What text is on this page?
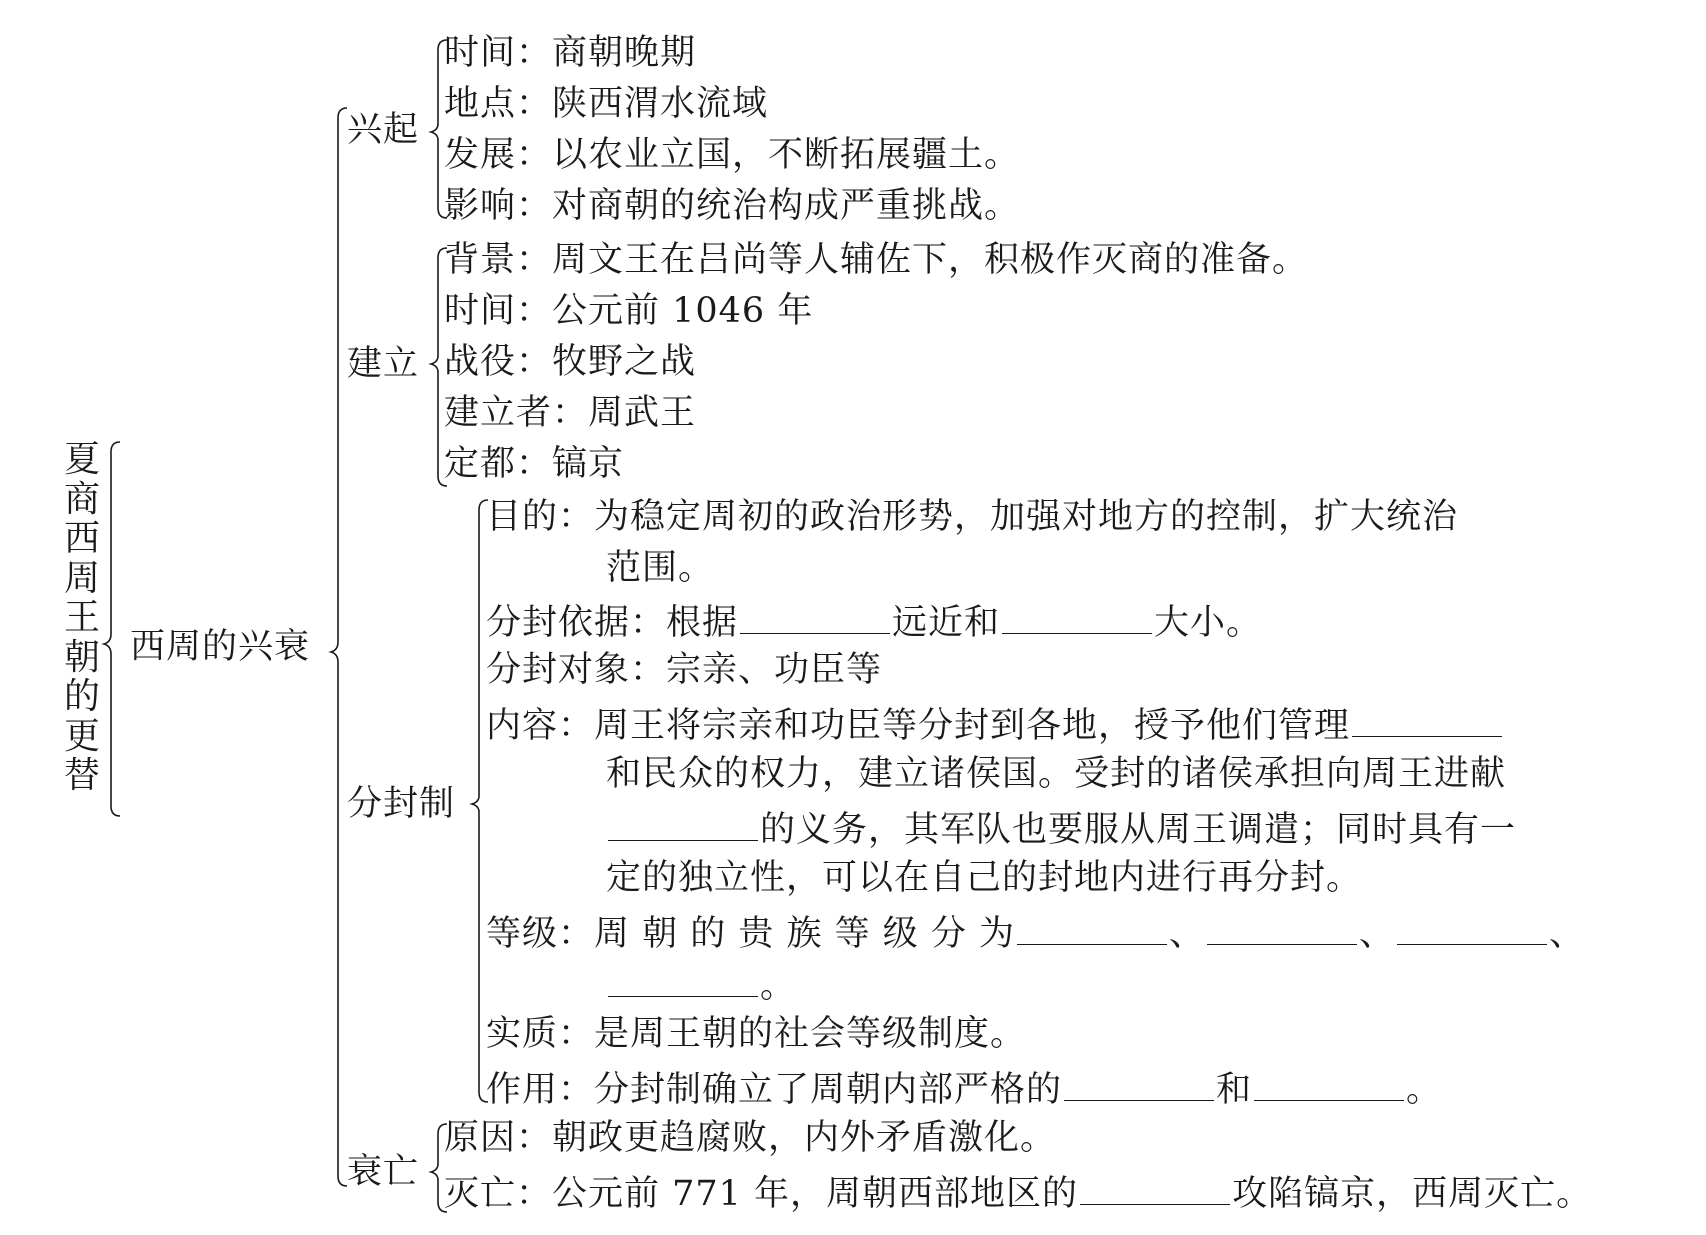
夏商西周王朝的更替
西周的兴衰
兴起
建立
分封制
衰亡
时间：商朝晚期
地点：陕西渭水流域
发展：以农业立国，不断拓展疆土。
影响：对商朝的统治构成严重挑战。
背景：周文王在吕尚等人辅佐下，积极作灭商的准备。
时间：公元前 1046 年
战役：牧野之战
建立者：周武王
定都：镐京
目的：为稳定周初的政治形势，加强对地方的控制，扩大统治
范围。
分封依据：根据	远近和	大小。
分封对象：宗亲、功臣等
内容：周王将宗亲和功臣等分封到各地，授予他们管理
和民众的权力，建立诸侯国。受封的诸侯承担向周王进献
的义务，其军队也要服从周王调遣；同时具有一
定的独立性，可以在自己的封地内进行再分封。
等级：周 朝 的 贵 族 等 级 分 为	、	、	、
。
实质：是周王朝的社会等级制度。
作用：分封制确立了周朝内部严格的	和	。
原因：朝政更趋腐败，内外矛盾激化。
灭亡：公元前 771 年，周朝西部地区的	攻陷镐京，西周灭亡。
